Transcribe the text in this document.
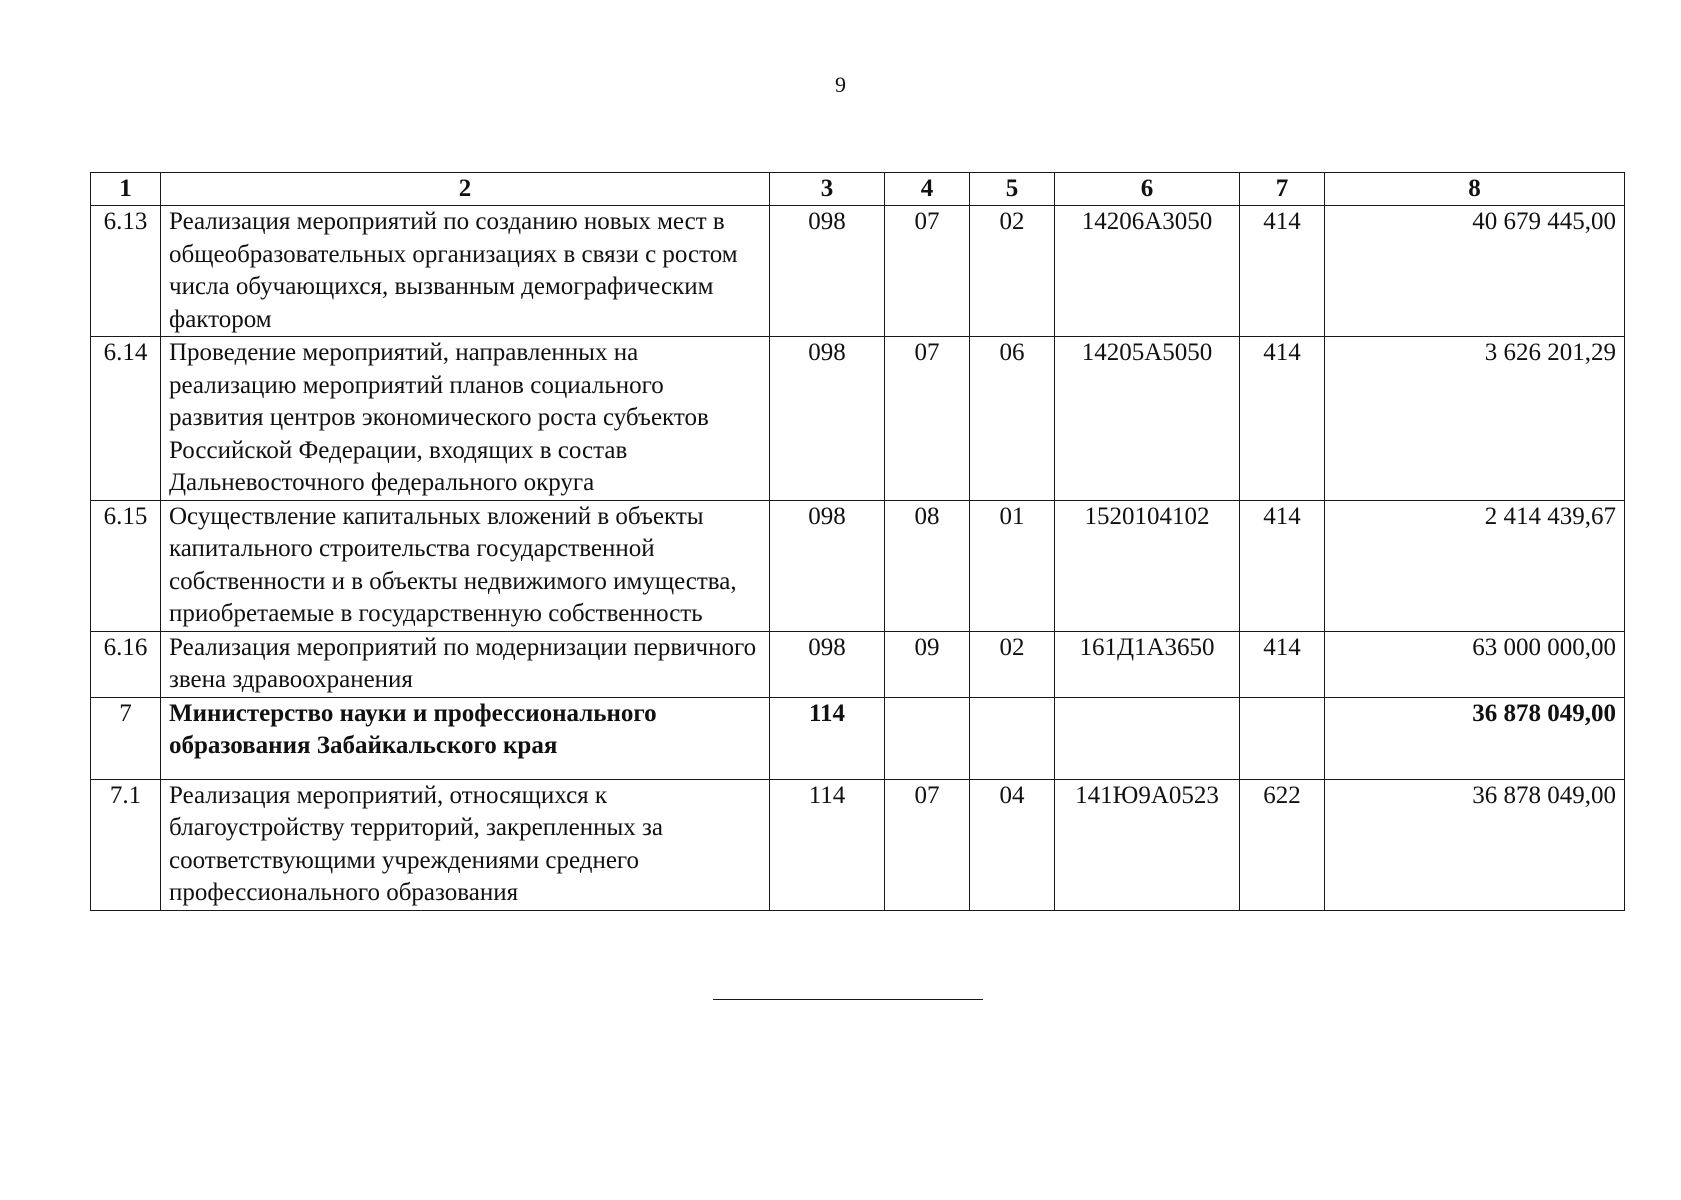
9
1	2	3	4	5	6	7	8
6.13	Реализация мероприятий по созданию новых мест в общеобразовательных организациях в связи с ростом числа обучающихся, вызванным демографическим фактором	098	07	02	14206А3050	414	40 679 445,00
6.14	Проведение мероприятий, направленных на реализацию мероприятий планов социального развития центров экономического роста субъектов Российской Федерации, входящих в состав Дальневосточного федерального округа	098	07	06	14205А5050	414	3 626 201,29
6.15	Осуществление капитальных вложений в объекты капитального строительства государственной собственности и в объекты недвижимого имущества, приобретаемые в государственную собственность	098	08	01	1520104102	414	2 414 439,67
6.16	Реализация мероприятий по модернизации первичного звена здравоохранения	098	09	02	161Д1А3650	414	63 000 000,00
7	Министерство науки и профессионального образования Забайкальского края	114					36 878 049,00
7.1	Реализация мероприятий, относящихся к благоустройству территорий, закрепленных за соответствующими учреждениями среднего профессионального образования	114	07	04	141Ю9А0523	622	36 878 049,00
